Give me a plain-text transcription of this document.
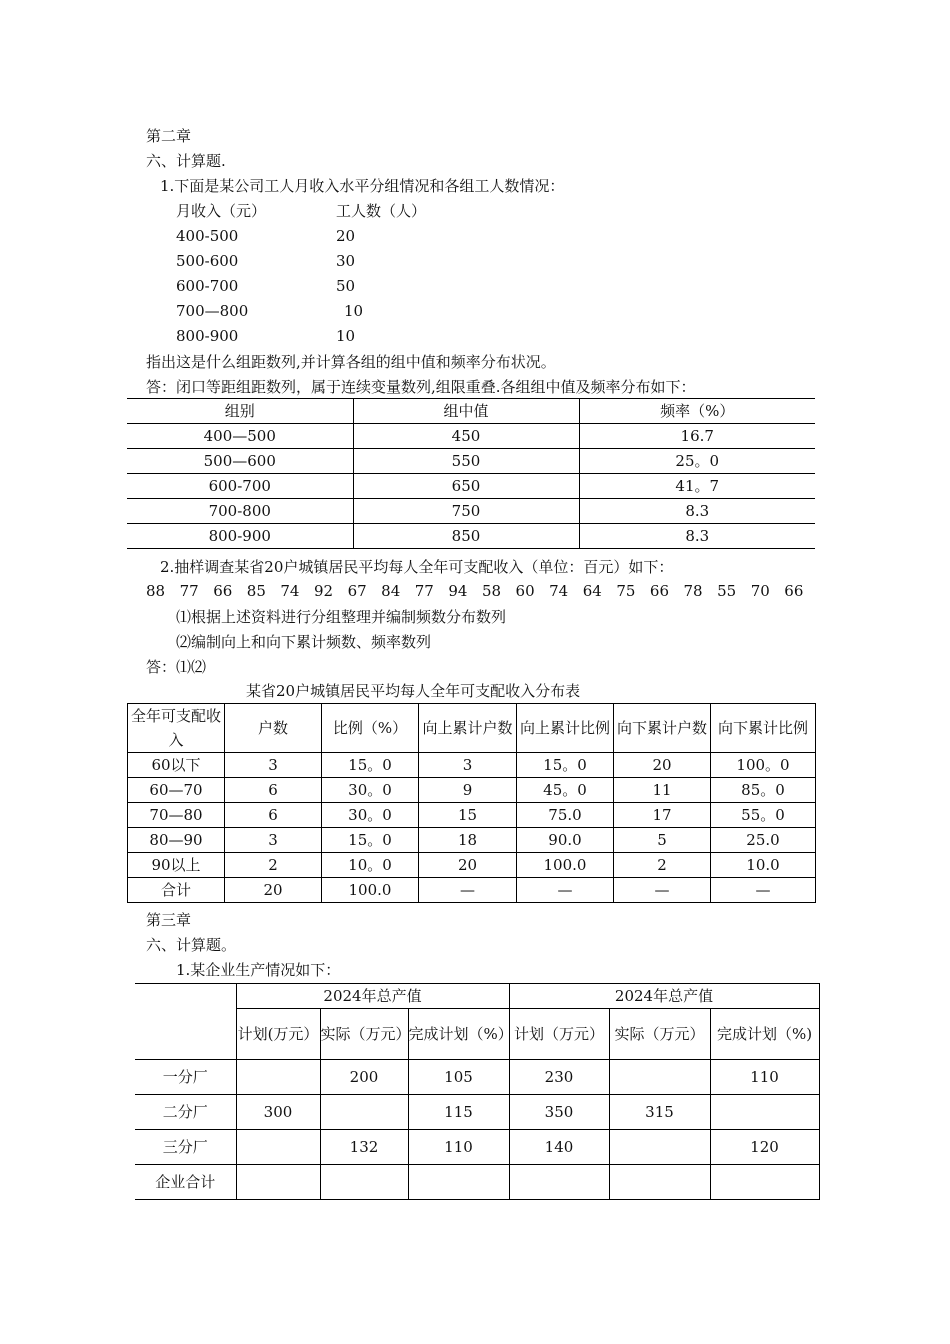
第二章
六、计算题.
1.下面是某公司工人月收入水平分组情况和各组工人数情况：
月收入（元）	工人数（人）
400-500	20
500-600	30
600-700	50
700—800	10
800-900	10
指出这是什么组距数列,并计算各组的组中值和频率分布状况。
答：闭口等距组距数列，属于连续变量数列,组限重叠.各组组中值及频率分布如下：
组别	组中值	频率（%）
400—500	450	16.7
500—600	550	25。0
600-700	650	41。7
700-800	750	8.3
800-900	850	8.3
2.抽样调查某省20户城镇居民平均每人全年可支配收入（单位：百元）如下：
88 77 66 85 74 92 67 84 77 94 58 60 74 64 75 66 78 55 70 66
⑴根据上述资料进行分组整理并编制频数分布数列
⑵编制向上和向下累计频数、频率数列
答：⑴⑵
某省20户城镇居民平均每人全年可支配收入分布表
全年可支配收入	户数	比例（%）	向上累计户数	向上累计比例	向下累计户数	向下累计比例
60以下	3	15。0	3	15。0	20	100。0
60—70	6	30。0	9	45。0	11	85。0
70—80	6	30。0	15	75.0	17	55。0
80—90	3	15。0	18	90.0	5	25.0
90以上	2	10。0	20	100.0	2	10.0
合计	20	100.0	—	—	—	—
第三章
六、计算题。
1.某企业生产情况如下：
	2024年总产值			2024年总产值		
	计划(万元）	实际（万元）	完成计划（%）	计划（万元）	实际（万元）	完成计划（%)
一分厂		200	105	230		110
二分厂	300		115	350	315	
三分厂		132	110	140		120
企业合计						
